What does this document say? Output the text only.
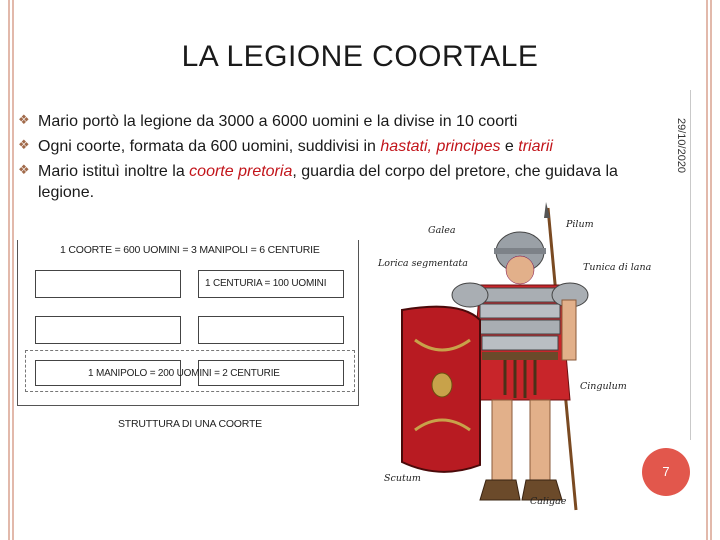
LA LEGIONE COORTALE
29/10/2020
❖ Mario portò la legione da 3000 a 6000 uomini e la divise in 10 coorti
❖ Ogni coorte, formata da 600 uomini, suddivisi in hastati, principes e triarii
❖ Mario istituì inoltre la coorte pretoria, guardia del corpo del pretore, che guidava la legione.
1 COORTE = 600 UOMINI = 3 MANIPOLI = 6 CENTURIE
1 CENTURIA = 100 UOMINI
1 MANIPOLO = 200 UOMINI = 2 CENTURIE
STRUTTURA DI UNA COORTE
Galea
Pilum
Lorica segmentata	Tunica di lana
Cingulum
Scutum
Caligae
7
